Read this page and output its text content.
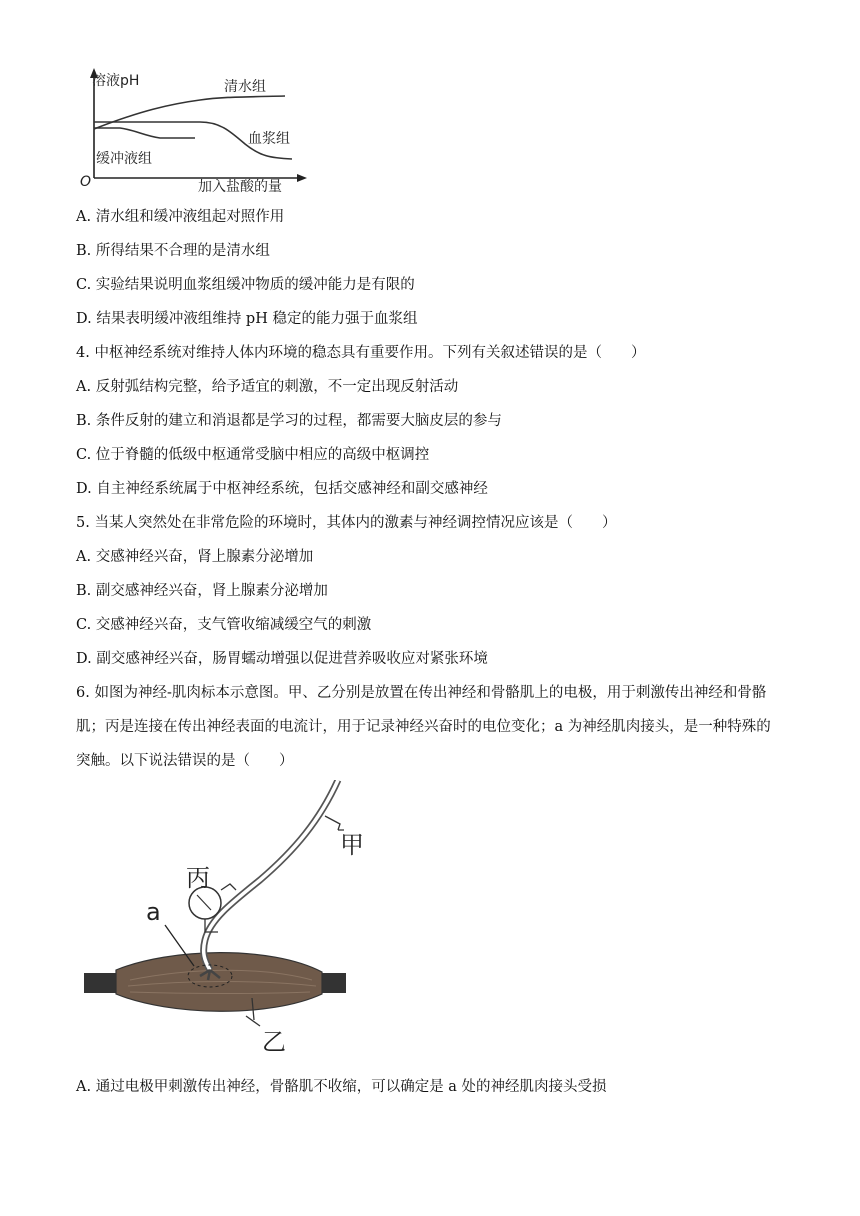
溶液pH	清水组
血浆组
缓冲液组
O	加入盐酸的量
A. 清水组和缓冲液组起对照作用
B. 所得结果不合理的是清水组
C. 实验结果说明血浆组缓冲物质的缓冲能力是有限的
D. 结果表明缓冲液组维持 pH 稳定的能力强于血浆组
4. 中枢神经系统对维持人体内环境的稳态具有重要作用。下列有关叙述错误的是（　　）
A. 反射弧结构完整，给予适宜的刺激，不一定出现反射活动
B. 条件反射的建立和消退都是学习的过程，都需要大脑皮层的参与
C. 位于脊髓的低级中枢通常受脑中相应的高级中枢调控
D. 自主神经系统属于中枢神经系统，包括交感神经和副交感神经
5. 当某人突然处在非常危险的环境时，其体内的激素与神经调控情况应该是（　　）
A. 交感神经兴奋，肾上腺素分泌增加
B. 副交感神经兴奋，肾上腺素分泌增加
C. 交感神经兴奋，支气管收缩减缓空气的刺激
D. 副交感神经兴奋，肠胃蠕动增强以促进营养吸收应对紧张环境
6. 如图为神经-肌肉标本示意图。甲、乙分别是放置在传出神经和骨骼肌上的电极，用于刺激传出神经和骨骼肌；丙是连接在传出神经表面的电流计，用于记录神经兴奋时的电位变化；a 为神经肌肉接头，是一种特殊的突触。以下说法错误的是（　　）
甲
丙
a
乙
A. 通过电极甲刺激传出神经，骨骼肌不收缩，可以确定是 a 处的神经肌肉接头受损
